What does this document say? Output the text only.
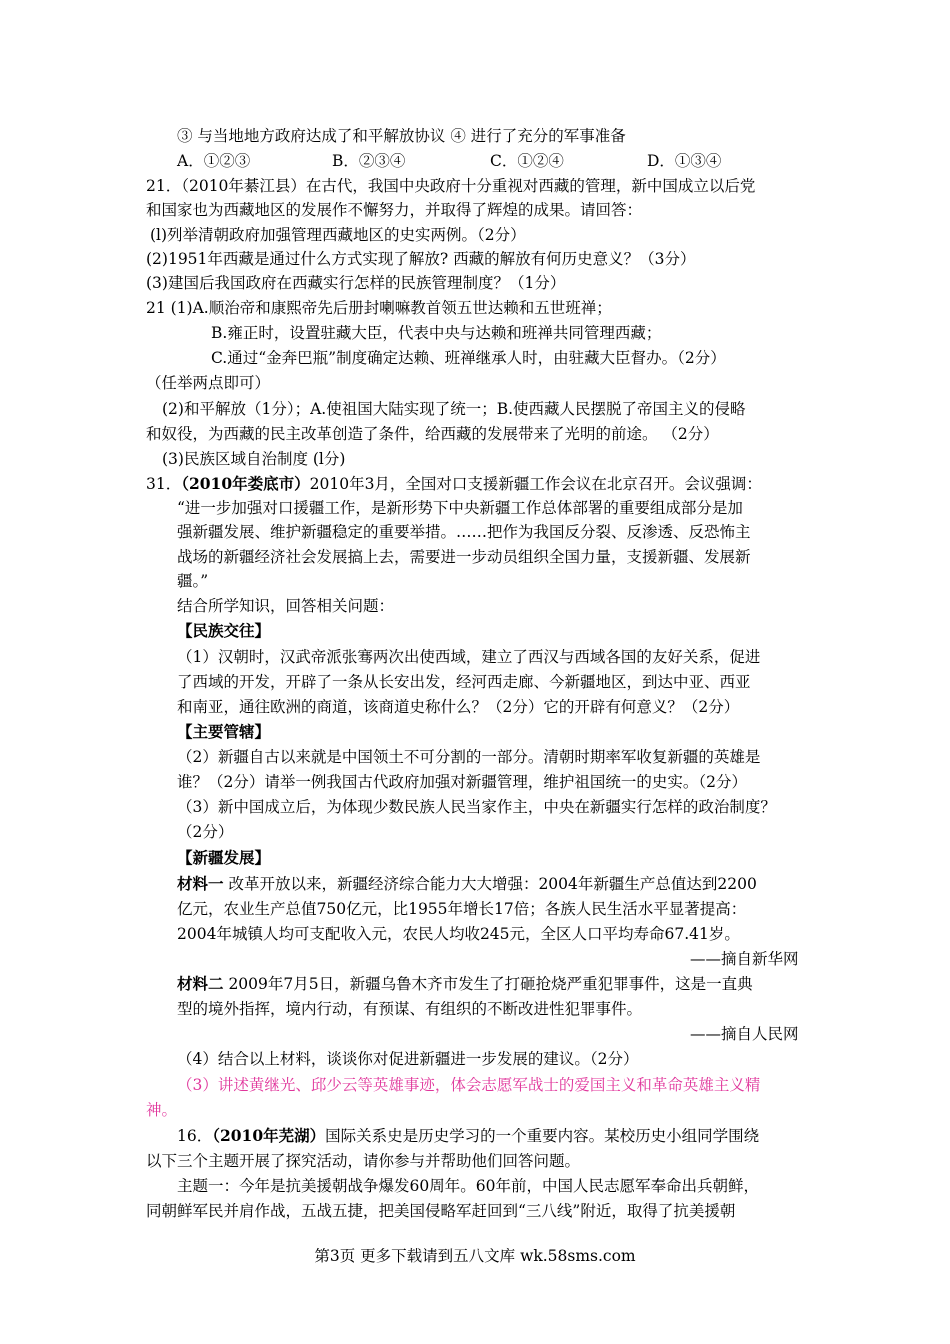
③ 与当地地方政府达成了和平解放协议 ④ 进行了充分的军事准备
A．①②③	B．②③④	C．①②④	D．①③④
21．（2010年綦江县）在古代，我国中央政府十分重视对西藏的管理，新中国成立以后党
和国家也为西藏地区的发展作不懈努力，并取得了辉煌的成果。请回答：
(l)列举清朝政府加强管理西藏地区的史实两例。（2分）
(2)1951年西藏是通过什么方式实现了解放? 西藏的解放有何历史意义？（3分）
(3)建国后我国政府在西藏实行怎样的民族管理制度？（1分）
21 (1)A.顺治帝和康熙帝先后册封喇嘛教首领五世达赖和五世班禅；
B.雍正时，设置驻藏大臣，代表中央与达赖和班禅共同管理西藏；
C.通过“金奔巴瓶”制度确定达赖、班禅继承人时，由驻藏大臣督办。（2分）
（任举两点即可）
(2)和平解放（1分）；A.使祖国大陆实现了统一；B.使西藏人民摆脱了帝国主义的侵略
和奴役，为西藏的民主改革创造了条件，给西藏的发展带来了光明的前途。 （2分）
(3)民族区域自治制度 (l分)
31．（2010年娄底市）2010年3月，全国对口支援新疆工作会议在北京召开。会议强调：
“进一步加强对口援疆工作，是新形势下中央新疆工作总体部署的重要组成部分是加
强新疆发展、维护新疆稳定的重要举措。……把作为我国反分裂、反渗透、反恐怖主
战场的新疆经济社会发展搞上去，需要进一步动员组织全国力量，支援新疆、发展新
疆。”
结合所学知识，回答相关问题：
【民族交往】
（1）汉朝时，汉武帝派张骞两次出使西域，建立了西汉与西域各国的友好关系，促进
了西域的开发，开辟了一条从长安出发，经河西走廊、今新疆地区，到达中亚、西亚
和南亚，通往欧洲的商道，该商道史称什么？（2分）它的开辟有何意义？（2分）
【主要管辖】
（2）新疆自古以来就是中国领土不可分割的一部分。清朝时期率军收复新疆的英雄是
谁？（2分）请举一例我国古代政府加强对新疆管理，维护祖国统一的史实。（2分）
（3）新中国成立后，为体现少数民族人民当家作主，中央在新疆实行怎样的政治制度？
（2分）
【新疆发展】
材料一 改革开放以来，新疆经济综合能力大大增强：2004年新疆生产总值达到2200
亿元，农业生产总值750亿元，比1955年增长17倍；各族人民生活水平显著提高：
2004年城镇人均可支配收入元，农民人均收245元，全区人口平均寿命67.41岁。
——摘自新华网
材料二 2009年7月5日，新疆乌鲁木齐市发生了打砸抢烧严重犯罪事件，这是一直典
型的境外指挥，境内行动，有预谋、有组织的不断改进性犯罪事件。
——摘自人民网
（4）结合以上材料，谈谈你对促进新疆进一步发展的建议。（2分）
（3）讲述黄继光、邱少云等英雄事迹，体会志愿军战士的爱国主义和革命英雄主义精
神。
16．（2010年芜湖）国际关系史是历史学习的一个重要内容。某校历史小组同学围绕
以下三个主题开展了探究活动，请你参与并帮助他们回答问题。
主题一：今年是抗美援朝战争爆发60周年。60年前，中国人民志愿军奉命出兵朝鲜，
同朝鲜军民并肩作战，五战五捷，把美国侵略军赶回到“三八线”附近，取得了抗美援朝
第3页 更多下载请到五八文库 wk.58sms.com
